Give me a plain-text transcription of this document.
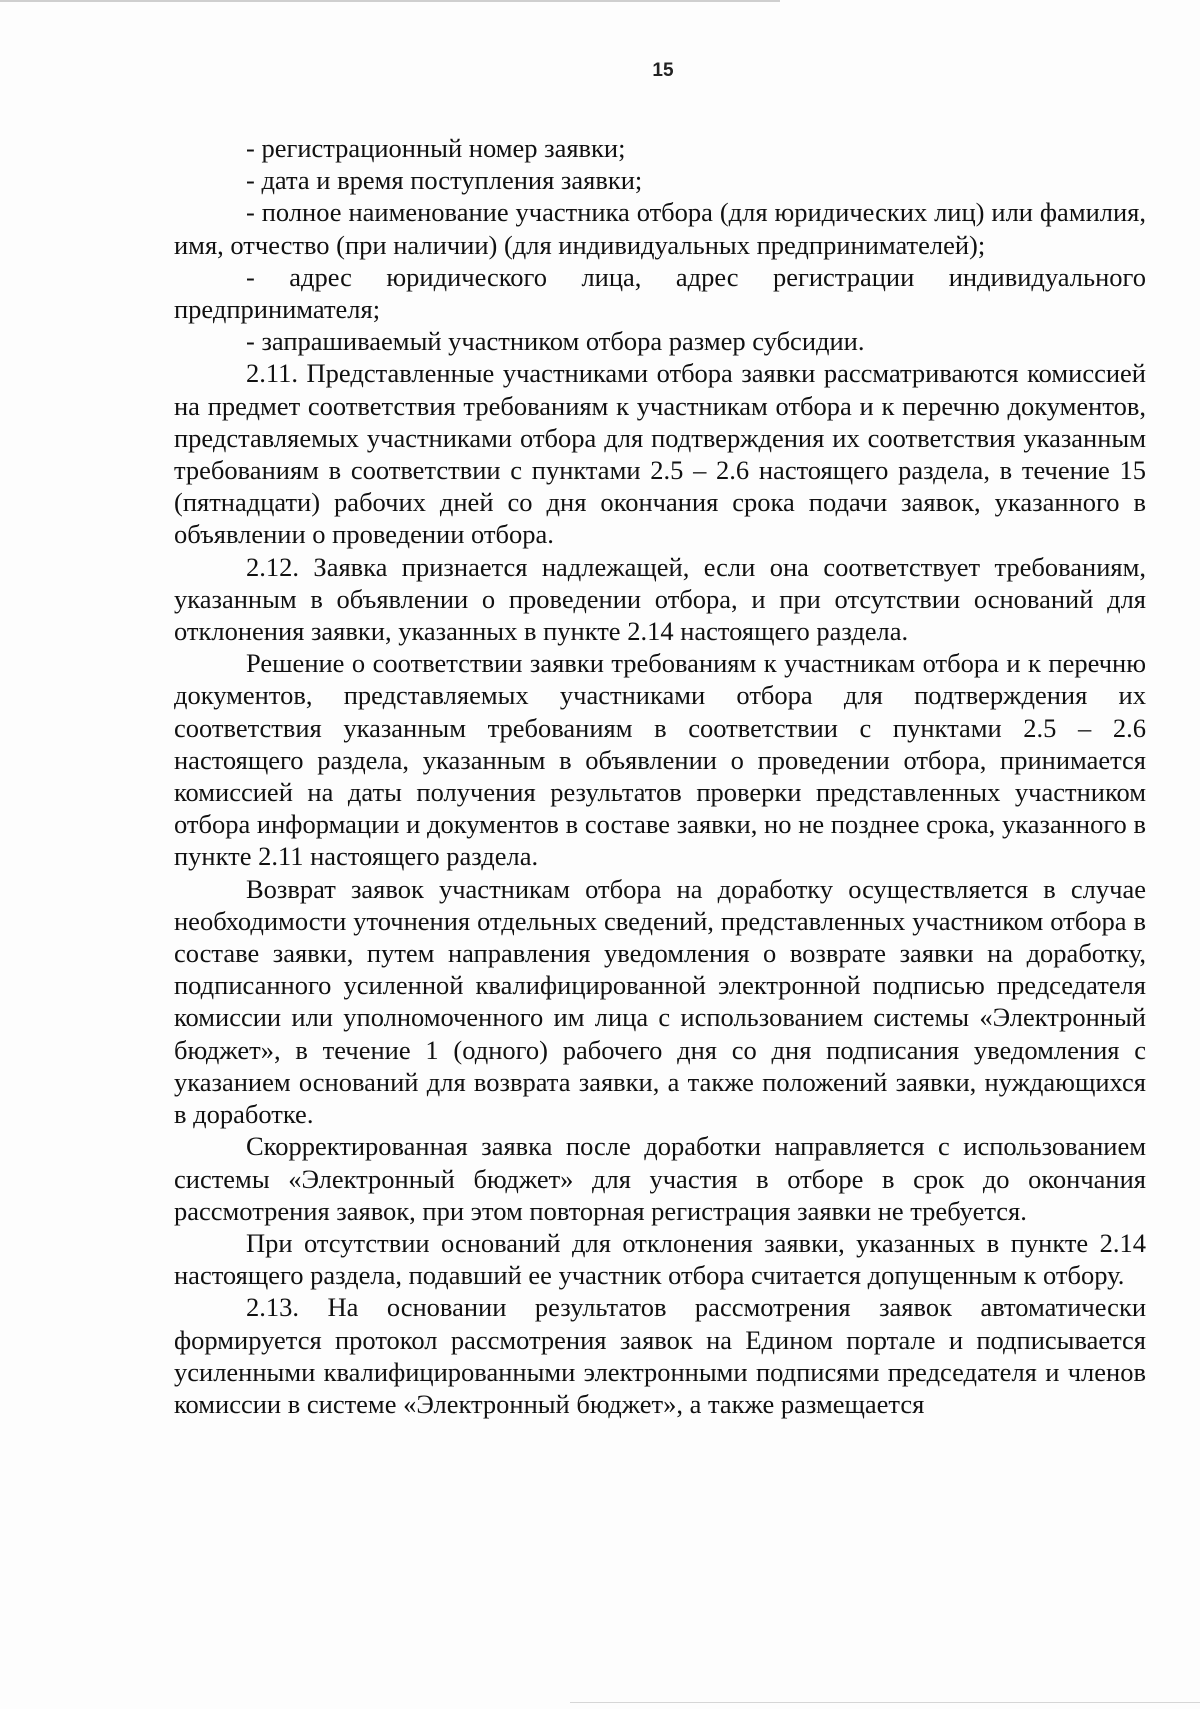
15

- регистрационный номер заявки;

- дата и время поступления заявки;

- полное наименование участника отбора (для юридических лиц) или фамилия, имя, отчество (при наличии) (для индивидуальных предпринимателей);

- адрес юридического лица, адрес регистрации индивидуального предпринимателя;

- запрашиваемый участником отбора размер субсидии.

2.11. Представленные участниками отбора заявки рассматриваются комиссией на предмет соответствия требованиям к участникам отбора и к перечню документов, представляемых участниками отбора для подтверждения их соответствия указанным требованиям в соответствии с пунктами 2.5 – 2.6 настоящего раздела, в течение 15 (пятнадцати) рабочих дней со дня окончания срока подачи заявок, указанного в объявлении о проведении отбора.

2.12. Заявка признается надлежащей, если она соответствует требованиям, указанным в объявлении о проведении отбора, и при отсутствии оснований для отклонения заявки, указанных в пункте 2.14 настоящего раздела.

Решение о соответствии заявки требованиям к участникам отбора и к перечню документов, представляемых участниками отбора для подтверждения их соответствия указанным требованиям в соответствии с пунктами 2.5 – 2.6 настоящего раздела, указанным в объявлении о проведении отбора, принимается комиссией на даты получения результатов проверки представленных участником отбора информации и документов в составе заявки, но не позднее срока, указанного в пункте 2.11 настоящего раздела.

Возврат заявок участникам отбора на доработку осуществляется в случае необходимости уточнения отдельных сведений, представленных участником отбора в составе заявки, путем направления уведомления о возврате заявки на доработку, подписанного усиленной квалифицированной электронной подписью председателя комиссии или уполномоченного им лица с использованием системы «Электронный бюджет», в течение 1 (одного) рабочего дня со дня подписания уведомления с указанием оснований для возврата заявки, а также положений заявки, нуждающихся в доработке.

Скорректированная заявка после доработки направляется с использованием системы «Электронный бюджет» для участия в отборе в срок до окончания рассмотрения заявок, при этом повторная регистрация заявки не требуется.

При отсутствии оснований для отклонения заявки, указанных в пункте 2.14 настоящего раздела, подавший ее участник отбора считается допущенным к отбору.

2.13. На основании результатов рассмотрения заявок автоматически формируется протокол рассмотрения заявок на Едином портале и подписывается усиленными квалифицированными электронными подписями председателя и членов комиссии в системе «Электронный бюджет», а также размещается
